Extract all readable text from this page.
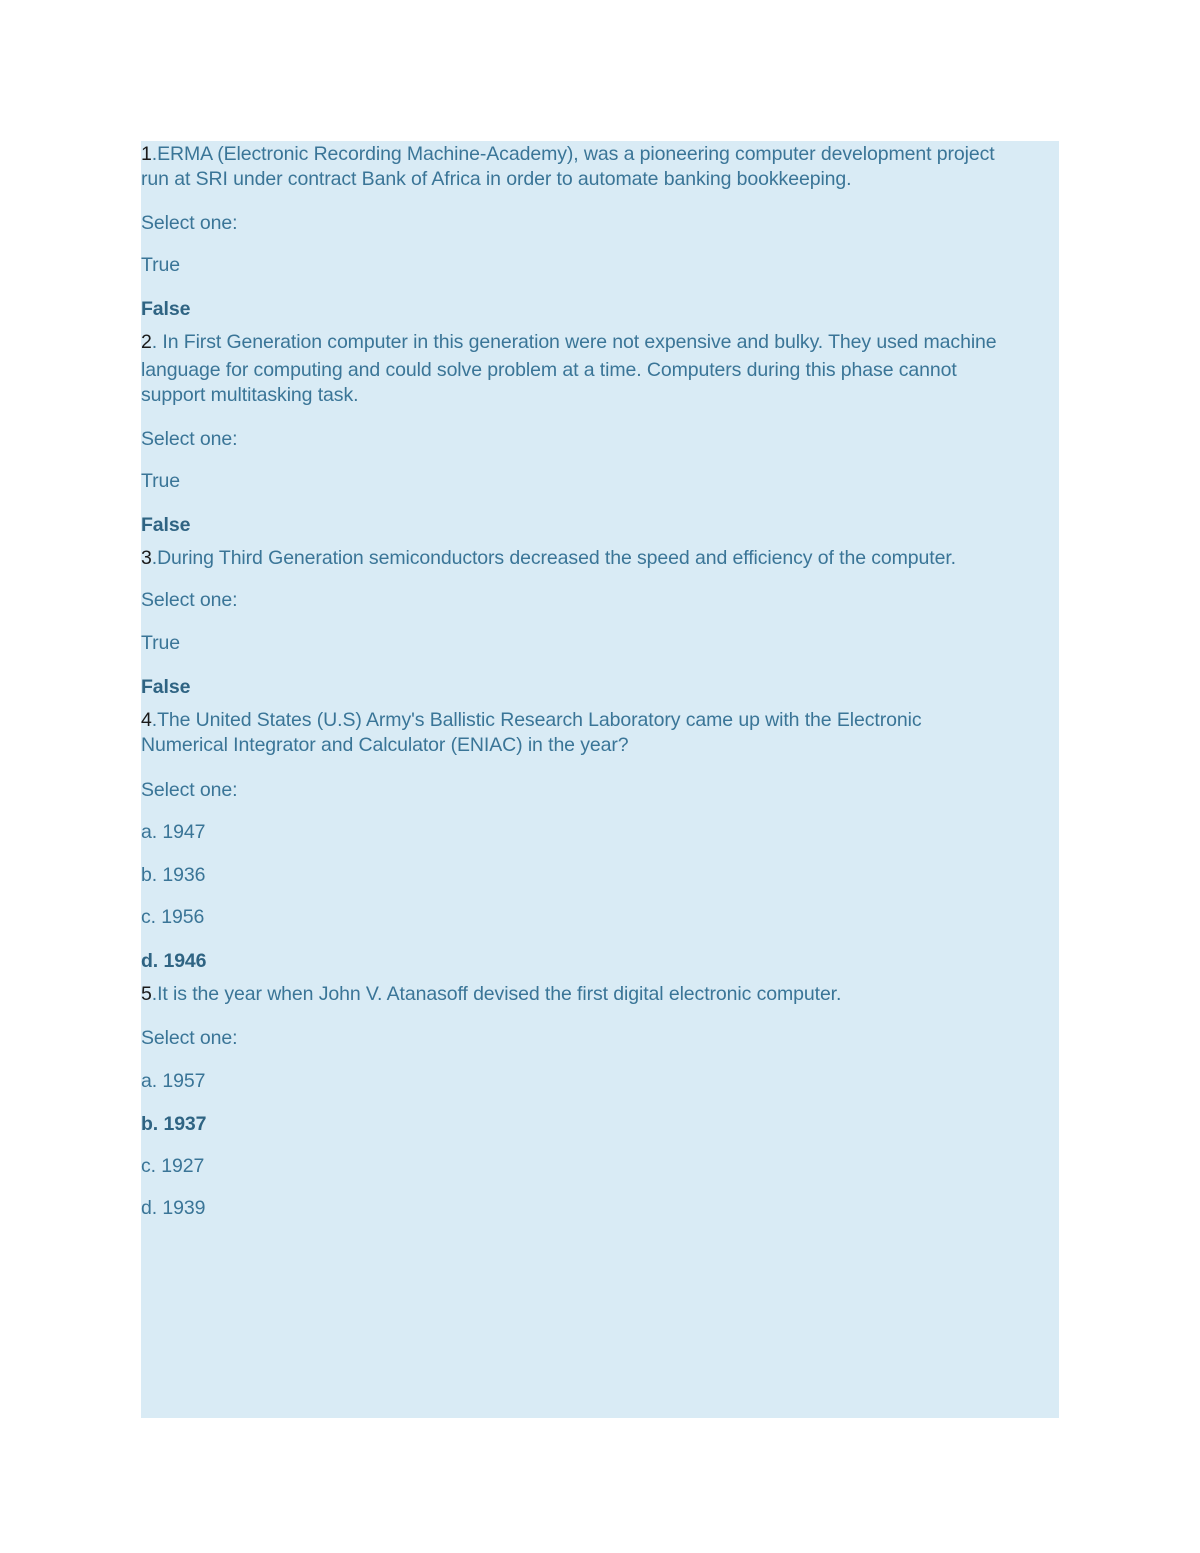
1.ERMA (Electronic Recording Machine-Academy), was a pioneering computer development project
run at SRI under contract Bank of Africa in order to automate banking bookkeeping.
Select one:
True
False
2. In First Generation computer in this generation were not expensive and bulky. They used machine
language for computing and could solve problem at a time. Computers during this phase cannot
support multitasking task.
Select one:
True
False
3.During Third Generation semiconductors decreased the speed and efficiency of the computer.
Select one:
True
False
4.The United States (U.S) Army's Ballistic Research Laboratory came up with the Electronic
Numerical Integrator and Calculator (ENIAC) in the year?
Select one:
a. 1947
b. 1936
c. 1956
d. 1946
5.It is the year when John V. Atanasoff devised the first digital electronic computer.
Select one:
a. 1957
b. 1937
c. 1927
d. 1939
